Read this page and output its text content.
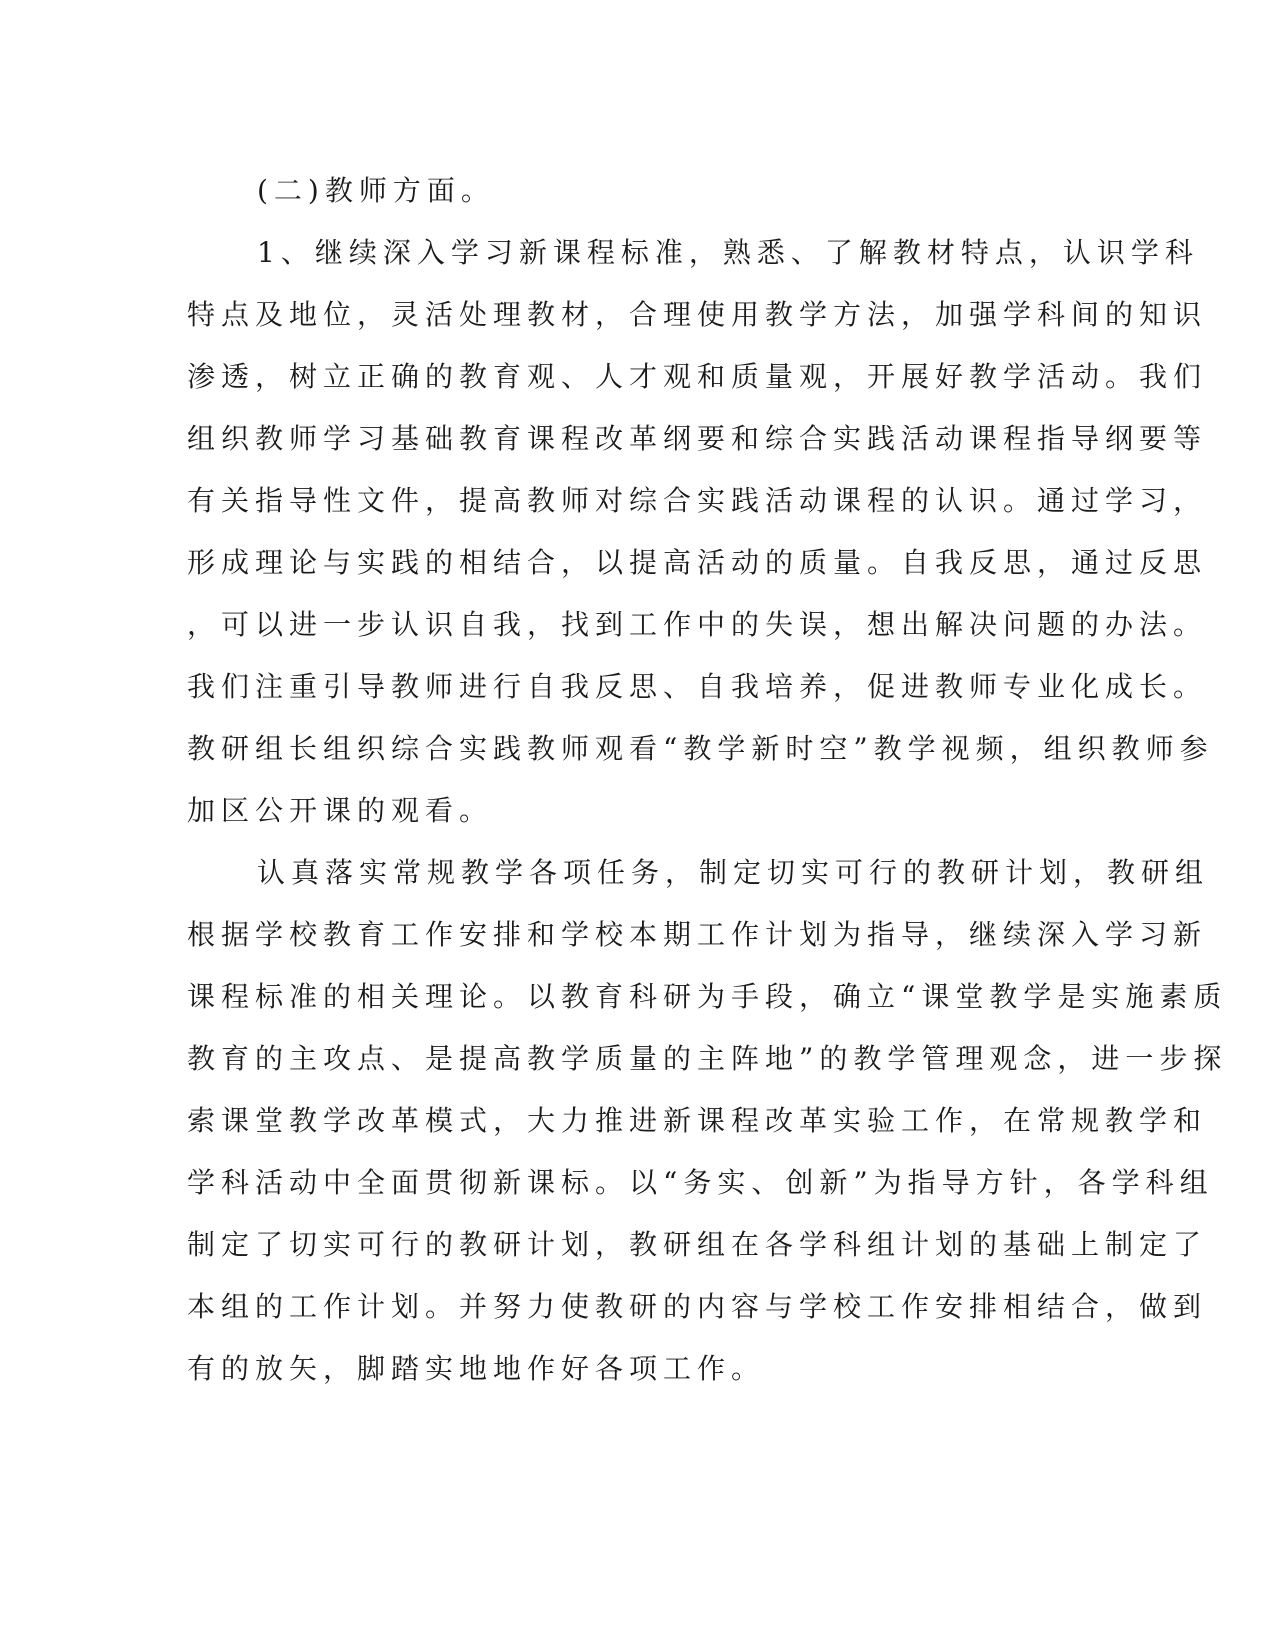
(二)教师方面。
1、继续深入学习新课程标准，熟悉、了解教材特点，认识学科
特点及地位，灵活处理教材，合理使用教学方法，加强学科间的知识
渗透，树立正确的教育观、人才观和质量观，开展好教学活动。我们
组织教师学习基础教育课程改革纲要和综合实践活动课程指导纲要等
有关指导性文件，提高教师对综合实践活动课程的认识。通过学习，
形成理论与实践的相结合，以提高活动的质量。自我反思，通过反思
，可以进一步认识自我，找到工作中的失误，想出解决问题的办法。
我们注重引导教师进行自我反思、自我培养，促进教师专业化成长。
教研组长组织综合实践教师观看“教学新时空”教学视频，组织教师参
加区公开课的观看。
认真落实常规教学各项任务，制定切实可行的教研计划，教研组
根据学校教育工作安排和学校本期工作计划为指导，继续深入学习新
课程标准的相关理论。以教育科研为手段，确立“课堂教学是实施素质
教育的主攻点、是提高教学质量的主阵地”的教学管理观念，进一步探
索课堂教学改革模式，大力推进新课程改革实验工作，在常规教学和
学科活动中全面贯彻新课标。以“务实、创新”为指导方针，各学科组
制定了切实可行的教研计划，教研组在各学科组计划的基础上制定了
本组的工作计划。并努力使教研的内容与学校工作安排相结合，做到
有的放矢，脚踏实地地作好各项工作。
